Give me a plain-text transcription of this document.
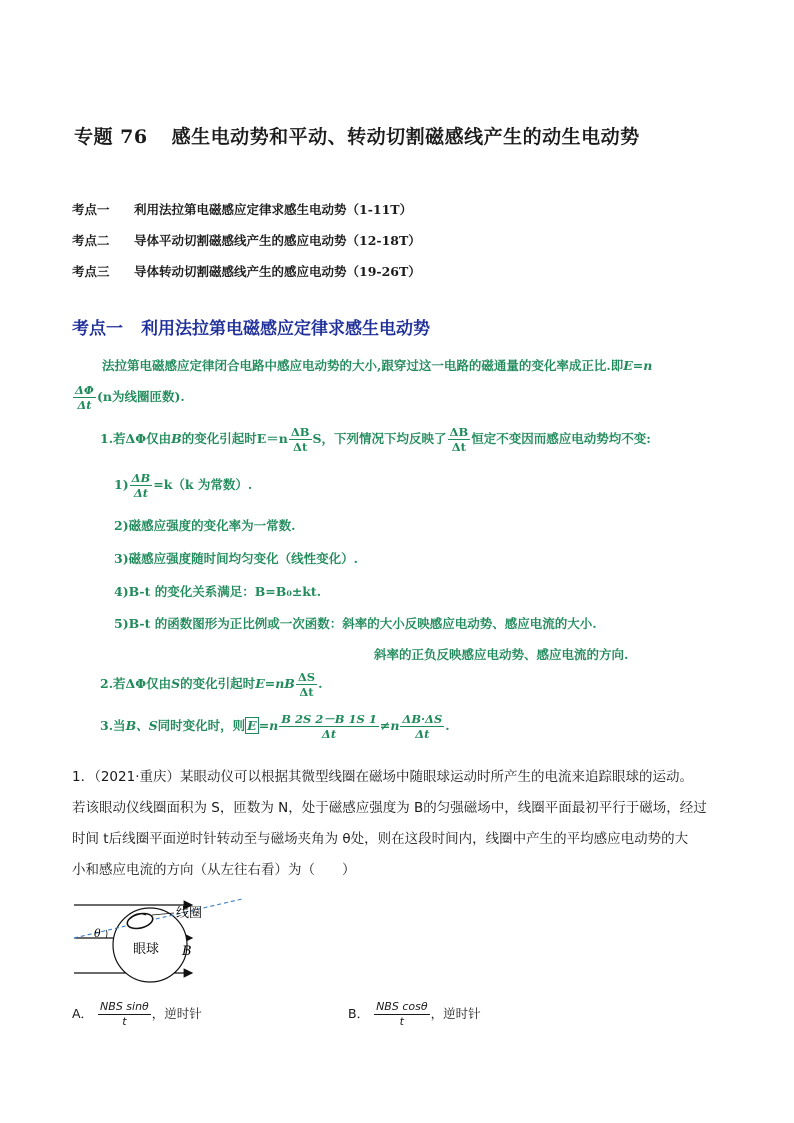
专题 76 感生电动势和平动、转动切割磁感线产生的动生电动势
考点一 利用法拉第电磁感应定律求感生电动势（1-11T）
考点二 导体平动切割磁感线产生的感应电动势（12-18T）
考点三 导体转动切割磁感线产生的感应电动势（19-26T）
考点一 利用法拉第电磁感应定律求感生电动势
法拉第电磁感应定律闭合电路中感应电动势的大小,跟穿过这一电路的磁通量的变化率成正比.即E=n
$\frac{\Delta\Phi}{\Delta t} (n$为线圈匝数).
1.若ΔΦ仅由B的变化引起时$E=n \frac{\Delta B}{\Delta t}$ S，下列情况下均反映了 $\frac{\Delta B}{\Delta t}$ 恒定不变因而感应电动势均不变:
$1) \frac{\Delta B}{\Delta t} =k(k$ 为常数）.
2)磁感应强度的变化率为一常数.
3)磁感应强度随时间均匀变化（线性变化）.
4)B-t 的变化关系满足：B=B₀±kt.
5)B-t 的函数图形为正比例或一次函数：斜率的大小反映感应电动势、感应电流的大小.
斜率的正负反映感应电动势、感应电流的方向.
2.若ΔΦ仅由S的变化引起时$E=nB \frac{\Delta S}{\Delta t}$ .
3.当B、S同时变化时，则 $E =n \frac{B 2S 2-B 1S 1}{\Delta t} \ne n \frac{\Delta B\cdot\Delta S}{\Delta t}$ .
1．（2021·重庆）某眼动仪可以根据其微型线圈在磁场中随眼球运动时所产生的电流来追踪眼球的运动。
若该眼动仪线圈面积为 S，匝数为 N，处于磁感应强度为 B的匀强磁场中，线圈平面最初平行于磁场，经过
时间 t后线圈平面逆时针转动至与磁场夹角为 θ处，则在这段时间内，线圈中产生的平均感应电动势的大
小和感应电流的方向（从左往右看）为（　　）
线圈
眼球 B
θ
A． $\frac{\text{NBS sinθ}}{t}$ ，逆时针	B． $\frac{\text{NBS cosθ}}{t}$ ，逆时针
